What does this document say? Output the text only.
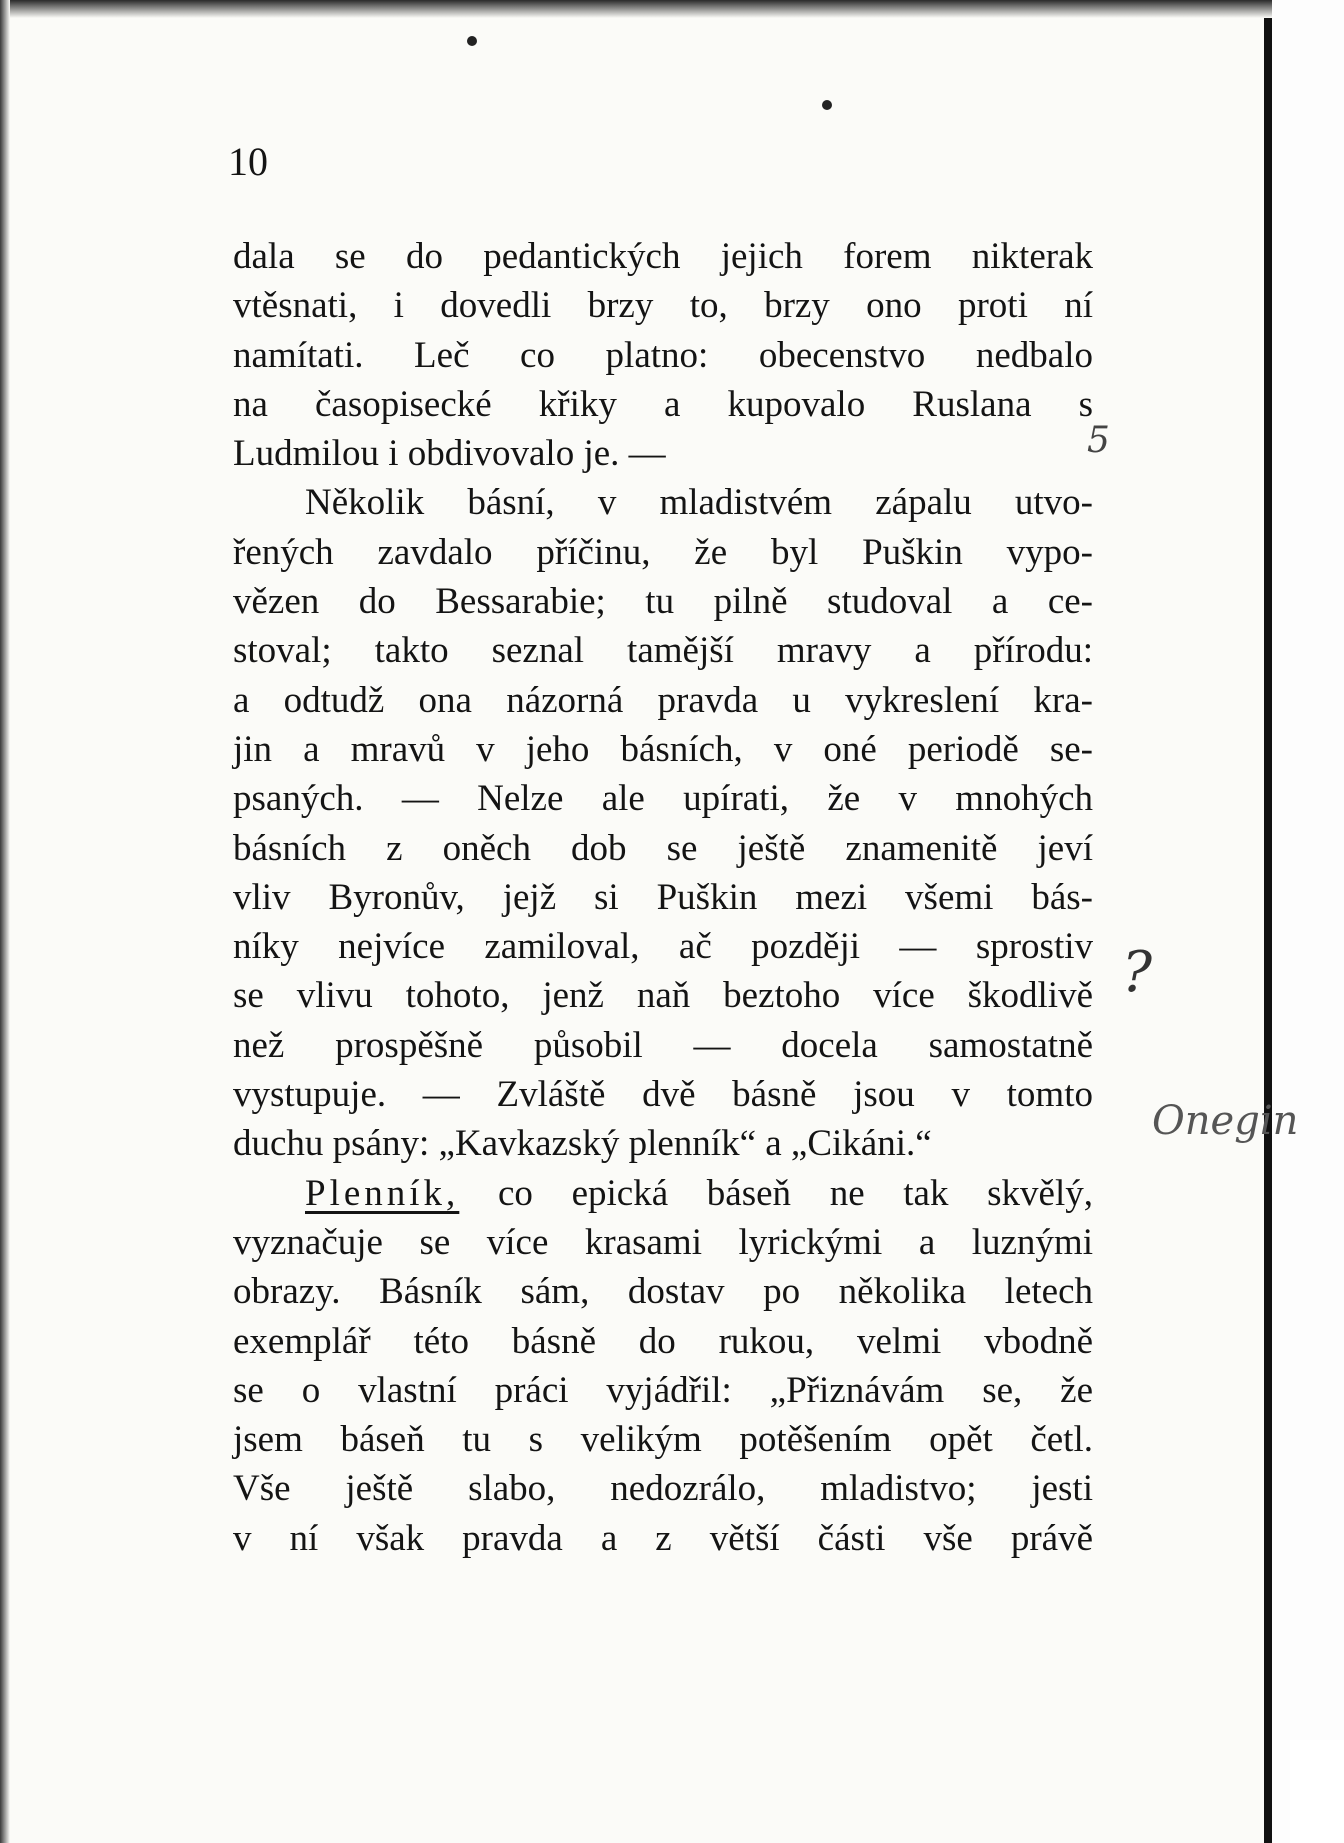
10
dala se do pedantických jejich forem nikterak
vtěsnati, i dovedli brzy to, brzy ono proti ní
namítati. Leč co platno: obecenstvo nedbalo
na časopisecké křiky a kupovalo Ruslana s
Ludmilou i obdivovalo je. —
Několik básní, v mladistvém zápalu utvo-
řených zavdalo příčinu, že byl Puškin vypo-
vězen do Bessarabie; tu pilně studoval a ce-
stoval; takto seznal tamější mravy a přírodu:
a odtudž ona názorná pravda u vykreslení kra-
jin a mravů v jeho básních, v oné periodě se-
psaných. — Nelze ale upírati, že v mnohých
básních z oněch dob se ještě znamenitě jeví
vliv Byronův, jejž si Puškin mezi všemi bás-
níky nejvíce zamiloval, ač později — sprostiv
se vlivu tohoto, jenž naň beztoho více škodlivě
než prospěšně působil — docela samostatně
vystupuje. — Zvláště dvě básně jsou v tomto
duchu psány: „Kavkazský plenník“ a „Cikáni.“
Plenník, co epická báseň ne tak skvělý,
vyznačuje se více krasami lyrickými a luznými
obrazy. Básník sám, dostav po několika letech
exemplář této básně do rukou, velmi vbodně
se o vlastní práci vyjádřil: „Přiznávám se, že
jsem báseň tu s velikým potěšením opět četl.
Vše ještě slabo, nedozrálo, mladistvo; jesti
v ní však pravda a z větší části vše právě
5
?
Onegin
